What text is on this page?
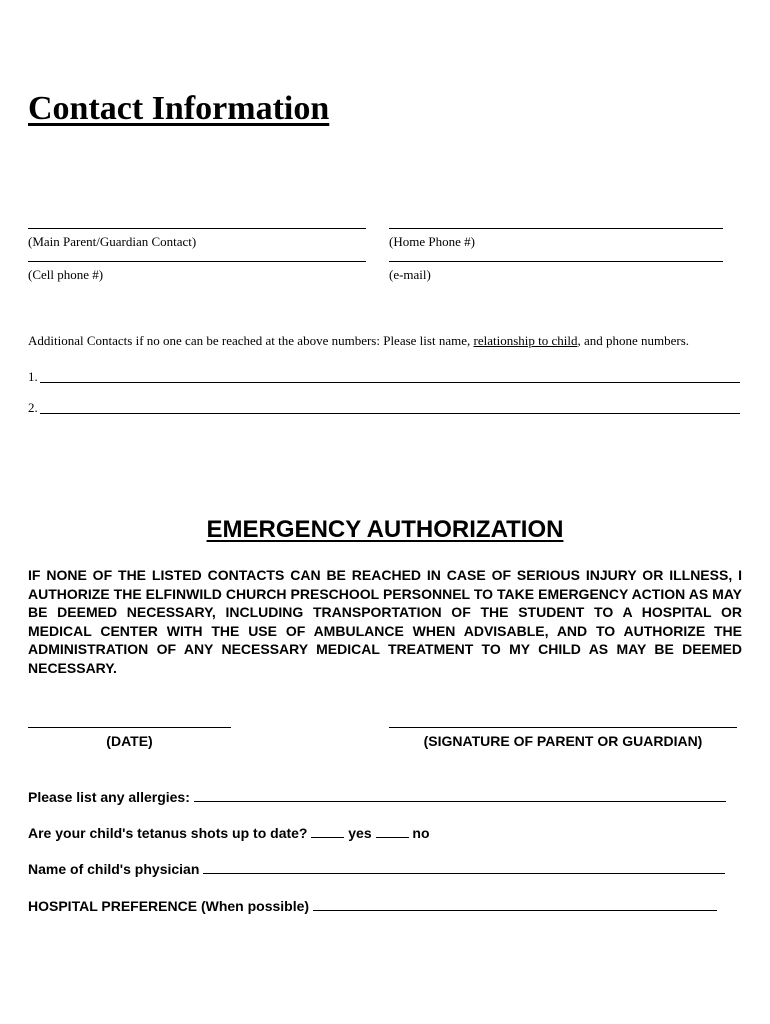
Contact Information
(Main Parent/Guardian Contact)	(Home Phone #)
(Cell phone #)	(e-mail)
Additional Contacts if no one can be reached at the above numbers: Please list name, relationship to child, and phone numbers.
1.
2.
EMERGENCY AUTHORIZATION
IF NONE OF THE LISTED CONTACTS CAN BE REACHED IN CASE OF SERIOUS INJURY OR ILLNESS, I AUTHORIZE THE ELFINWILD CHURCH PRESCHOOL PERSONNEL TO TAKE EMERGENCY ACTION AS MAY BE DEEMED NECESSARY, INCLUDING TRANSPORTATION OF THE STUDENT TO A HOSPITAL OR MEDICAL CENTER WITH THE USE OF AMBULANCE WHEN ADVISABLE, AND TO AUTHORIZE THE ADMINISTRATION OF ANY NECESSARY MEDICAL TREATMENT TO MY CHILD AS MAY BE DEEMED NECESSARY.
(DATE)	(SIGNATURE OF PARENT OR GUARDIAN)
Please list any allergies:
Are your child's tetanus shots up to date?	yes	no
Name of child's physician
HOSPITAL PREFERENCE (When possible)
